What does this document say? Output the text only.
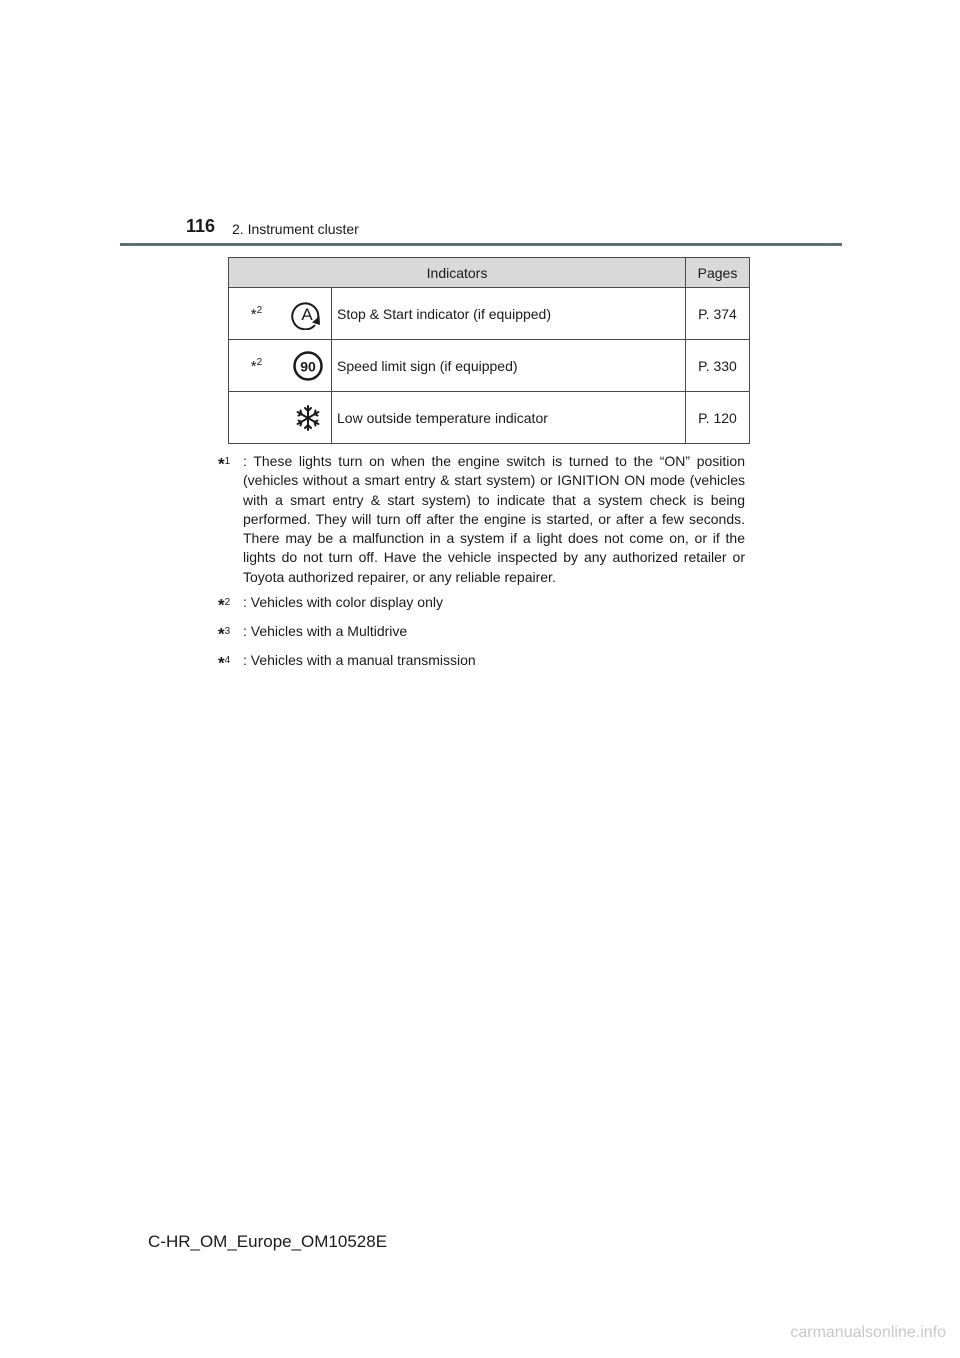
116 2. Instrument cluster
Indicators			Pages
*$^2$	A	Stop & Start indicator (if equipped)	P. 374
*$^2$	90	Speed limit sign (if equipped)	P. 330

	Low outside temperature indicator	P. 120
*$^1$ : These lights turn on when the engine switch is turned to the “ON” position (vehicles without a smart entry & start system) or IGNITION ON mode (vehicles with a smart entry & start system) to indicate that a system check is being performed. They will turn off after the engine is started, or after a few seconds. There may be a malfunction in a system if a light does not come on, or if the lights do not turn off. Have the vehicle inspected by any authorized retailer or Toyota authorized repairer, or any reliable repairer.
*$^2$ : Vehicles with color display only
*$^3$ : Vehicles with a Multidrive
*$^4$ : Vehicles with a manual transmission
C-HR_OM_Europe_OM10528E
carmanualsonline.info
